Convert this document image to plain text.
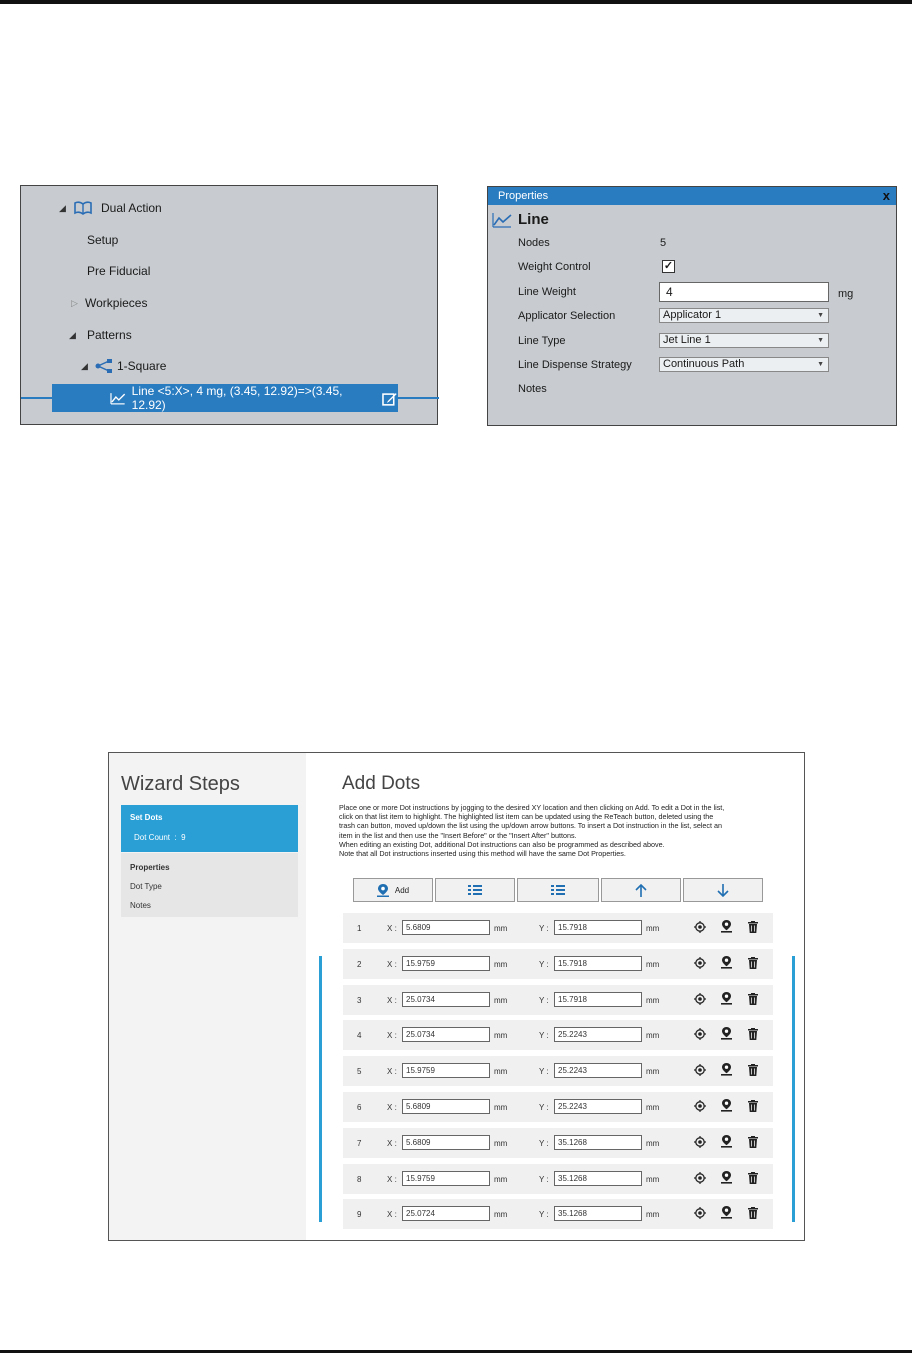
◢	Dual Action
Setup
Pre Fiducial
▷ Workpieces
◢ Patterns
◢	1-Square
Line <5:X>, 4 mg, (3.45, 12.92)=>(3.45, 12.92)
Properties	x
Line
Nodes	5
Weight Control	✓
Line Weight	4	mg
Applicator Selection	Applicator 1	▼
Line Type	Jet Line 1	▼
Line Dispense Strategy	Continuous Path	▼
Notes
Wizard Steps
Set Dots
Dot Count : 9
Properties
Dot Type
Notes
Add Dots
Place one or more Dot instructions by jogging to the desired XY location and then clicking on Add. To edit a Dot in the list,
click on that list item to highlight. The highlighted list item can be updated using the ReTeach button, deleted using the
trash can button, moved up/down the list using the up/down arrow buttons. To insert a Dot instruction in the list, select an
item in the list and then use the "Insert Before" or the "Insert After" buttons.
When editing an existing Dot, additional Dot instructions can also be programmed as described above.
Note that all Dot instructions inserted using this method will have the same Dot Properties.
Add
1	X :	5.6809	mm	Y :	15.7918	mm
2	X :	15.9759	mm	Y :	15.7918	mm
3	X :	25.0734	mm	Y :	15.7918	mm
4	X :	25.0734	mm	Y :	25.2243	mm
5	X :	15.9759	mm	Y :	25.2243	mm
6	X :	5.6809	mm	Y :	25.2243	mm
7	X :	5.6809	mm	Y :	35.1268	mm
8	X :	15.9759	mm	Y :	35.1268	mm
9	X :	25.0724	mm	Y :	35.1268	mm
